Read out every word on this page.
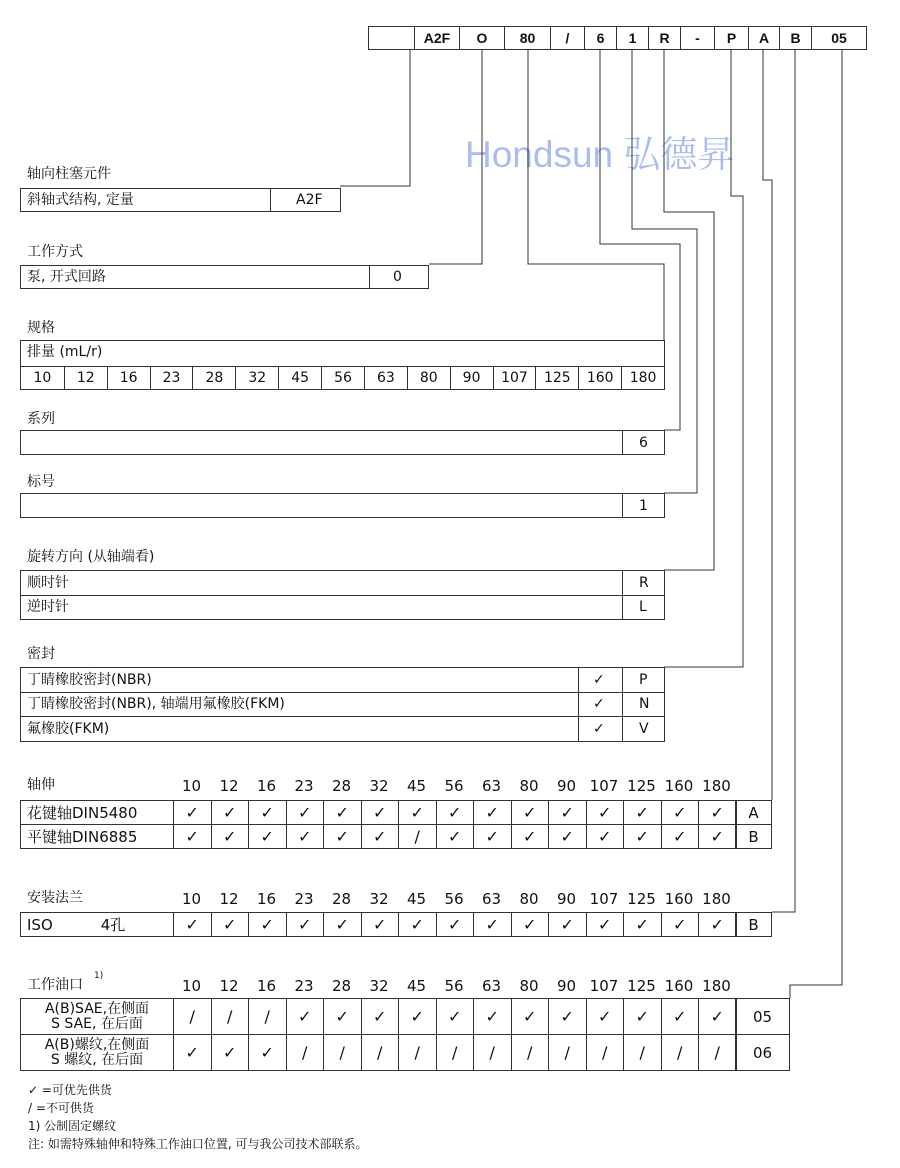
A2F	O	80	/	6	1	R	-	P	A	B	05
Hondsun 弘德昇
轴向柱塞元件
斜轴式结构, 定量	A2F
工作方式
泵, 开式回路	0
规格
排量 (mL/r)
10	12	16	23	28	32	45	56	63	80	90	107	125	160	180
系列
6
标号
1
旋转方向 (从轴端看)
顺时针	R
逆时针	L
密封
丁睛橡胶密封(NBR)	✓ P
丁睛橡胶密封(NBR), 轴端用氟橡胶(FKM)	✓ N
氟橡胶(FKM)	✓ V
轴伸	10	12	16	23	28	32	45	56	63	80	90 107 125 160 180
花键轴DIN5480	✓	✓	✓	✓	✓	✓	✓	✓	✓	✓	✓	✓	✓	✓	✓	A
平键轴DIN6885	✓	✓	✓	✓	✓	✓	/	✓	✓	✓	✓	✓	✓	✓	✓	B
安装法兰	10	12	16	23	28	32	45	56	63	80	90 107 125 160 180
ISO	4孔	✓	✓	✓	✓	✓	✓	✓	✓	✓	✓	✓	✓	✓	✓	✓	B
工作油口
1)
10	12	16	23	28	32	45	56	63	80	90 107 125 160 180
A(B)SAE,在侧面
S SAE, 在后面	/	/	/	✓	✓	✓	✓	✓	✓	✓	✓	✓	✓	✓	✓	05
A(B)螺纹,在侧面
S 螺纹, 在后面	✓	✓	✓	/	/	/	/	/	/	/	/	/	/	/	/	06
✓ =可优先供货
/ =不可供货
1) 公制固定螺纹
注: 如需特殊轴伸和特殊工作油口位置, 可与我公司技术部联系。
